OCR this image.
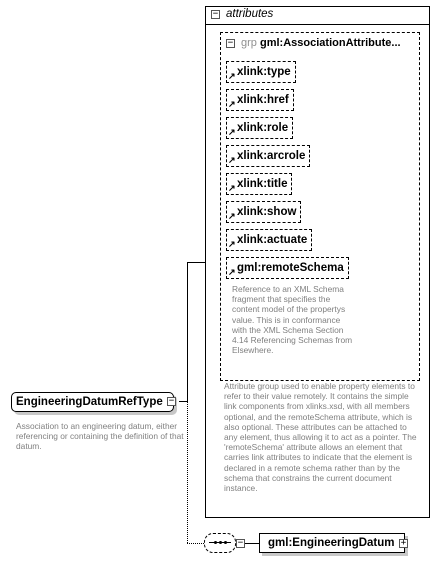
− attributes
− grp gml:AssociationAttribute...
↗ xlink:type
↗ xlink:href
↗ xlink:role
↗ xlink:arcrole
↗ xlink:title
↗ xlink:show
↗ xlink:actuate
↗ gml:remoteSchema
Reference to an XML Schema fragment that specifies the content model of the propertys value. This is in conformance with the XML Schema Section 4.14 Referencing Schemas from Elsewhere.
Attribute group used to enable property elements to refer to their value remotely. It contains the simple link components from xlinks.xsd, with all members optional, and the remoteSchema attribute, which is also optional. These attributes can be attached to any element, thus allowing it to act as a pointer. The 'remoteSchema' attribute allows an element that carries link attributes to indicate that the element is declared in a remote schema rather than by the schema that constrains the current document instance.
EngineeringDatumRefType −
Association to an engineering datum, either referencing or containing the definition of that datum.
− gml:EngineeringDatum +
